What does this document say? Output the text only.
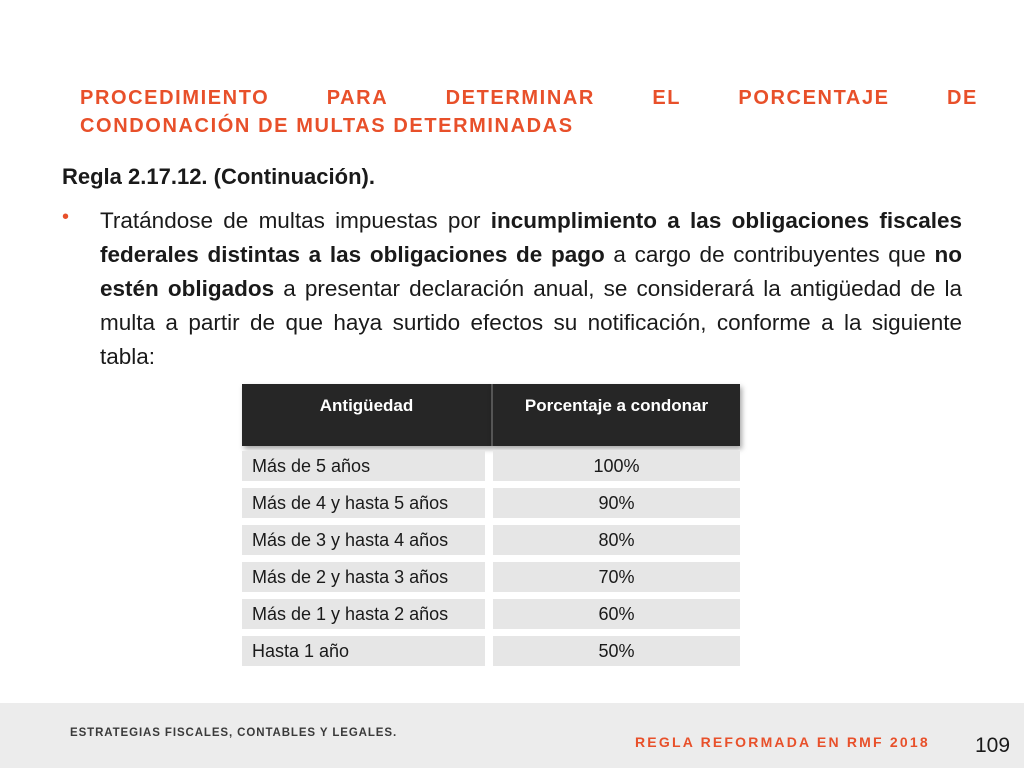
PROCEDIMIENTO	PARA	DETERMINAR	EL	PORCENTAJE	DE
CONDONACIÓN DE MULTAS DETERMINADAS
Regla 2.17.12. (Continuación).
• Tratándose de multas impuestas por incumplimiento a las obligaciones fiscales federales distintas a las obligaciones de pago a cargo de contribuyentes que no estén obligados a presentar declaración anual, se considerará la antigüedad de la multa a partir de que haya surtido efectos su notificación, conforme a la siguiente tabla:
Antigüedad	Porcentaje a condonar

Más de 5 años	100%

Más de 4 y hasta 5 años	90%

Más de 3 y hasta 4 años	80%

Más de 2 y hasta 3 años	70%

Más de 1 y hasta 2 años	60%

Hasta 1 año	50%
ESTRATEGIAS FISCALES, CONTABLES Y LEGALES.
REGLA REFORMADA EN RMF 2018 109
